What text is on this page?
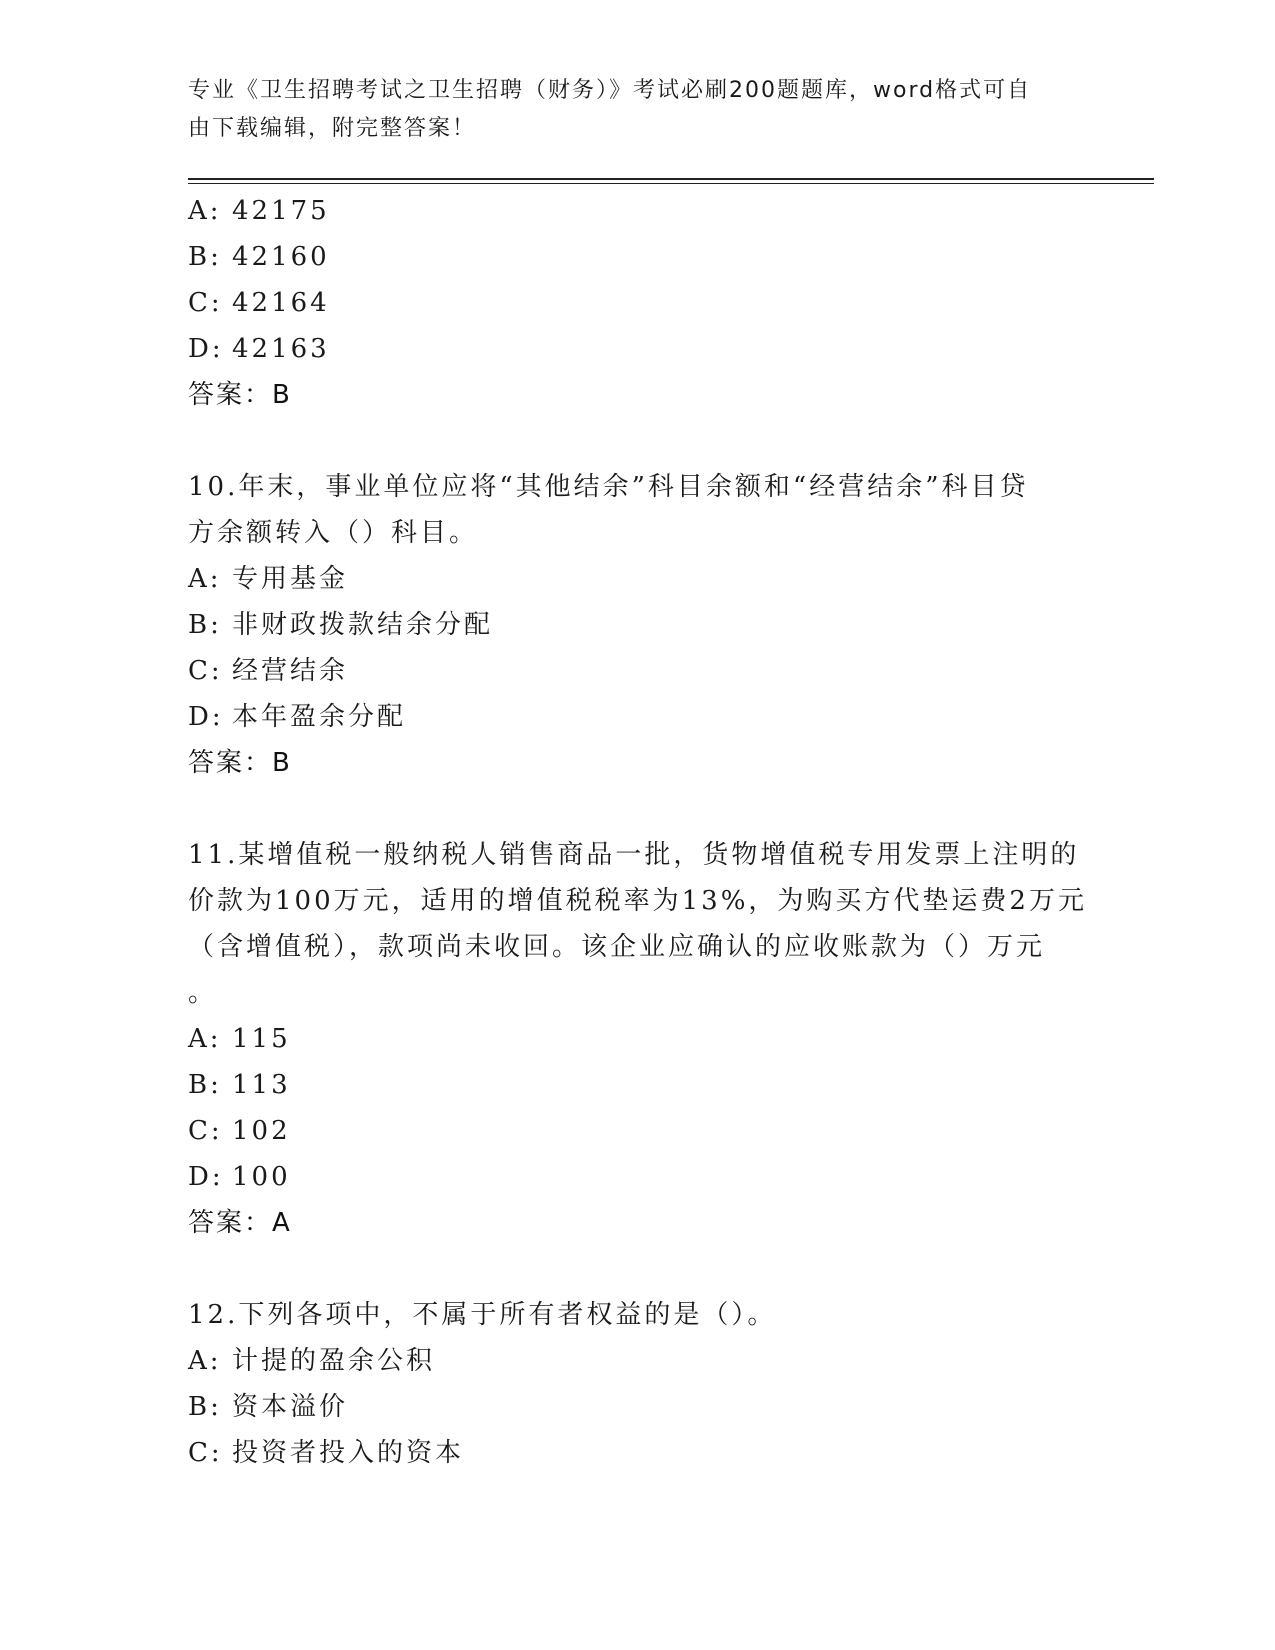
专业《卫生招聘考试之卫生招聘（财务）》考试必刷200题题库，word格式可自
由下载编辑，附完整答案！
A: 42175
B: 42160
C: 42164
D: 42163
答案：B
10.年末，事业单位应将“其他结余”科目余额和“经营结余”科目贷
方余额转入（）科目。
A: 专用基金
B: 非财政拨款结余分配
C: 经营结余
D: 本年盈余分配
答案：B
11.某增值税一般纳税人销售商品一批，货物增值税专用发票上注明的
价款为100万元，适用的增值税税率为13%，为购买方代垫运费2万元
（含增值税），款项尚未收回。该企业应确认的应收账款为（）万元
。
A: 115
B: 113
C: 102
D: 100
答案：A
12.下列各项中，不属于所有者权益的是（）。
A: 计提的盈余公积
B: 资本溢价
C: 投资者投入的资本
